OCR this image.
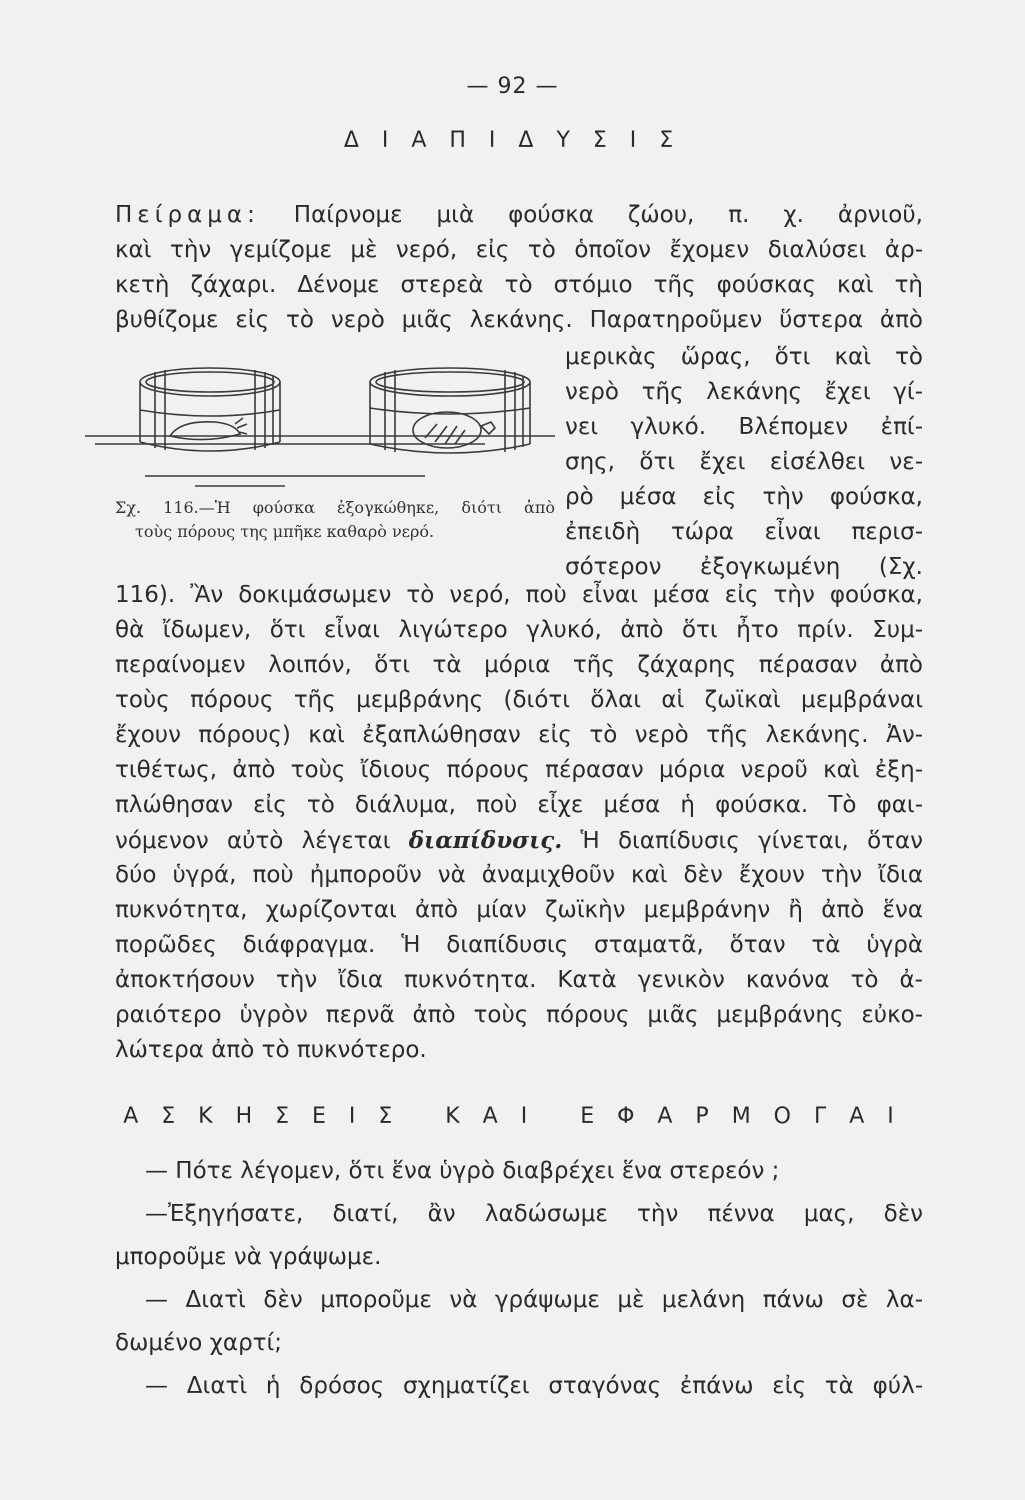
— 92 —
Δ Ι Α Π Ι Δ Υ Σ Ι Σ
Πείραμα: Παίρνομε μιὰ φούσκα ζώου, π. χ. ἀρνιοῦ,
καὶ τὴν γεμίζομε μὲ νερό, εἰς τὸ ὁποῖον ἔχομεν διαλύσει ἀρ-
κετὴ ζάχαρι. Δένομε στερεὰ τὸ στόμιο τῆς φούσκας καὶ τὴ
βυθίζομε εἰς τὸ νερὸ μιᾶς λεκάνης. Παρατηροῦμεν ὕστερα ἀπὸ
μερικὰς ὥρας, ὅτι καὶ τὸ
νερὸ τῆς λεκάνης ἔχει γί-
νει γλυκό. Βλέπομεν ἐπί-
σης, ὅτι ἔχει εἰσέλθει νε-
ρὸ μέσα εἰς τὴν φούσκα,
ἐπειδὴ τώρα εἶναι περισ-
σότερον ἐξογκωμένη (Σχ.
Σχ. 116.—Ἡ φούσκα ἐξογκώθηκε, διότι ἀπὸ
τοὺς πόρους της μπῆκε καθαρὸ νερό.
116). Ἂν δοκιμάσωμεν τὸ νερό, ποὺ εἶναι μέσα εἰς τὴν φούσκα,
θὰ ἴδωμεν, ὅτι εἶναι λιγώτερο γλυκό, ἀπὸ ὅτι ἦτο πρίν. Συμ-
περαίνομεν λοιπόν, ὅτι τὰ μόρια τῆς ζάχαρης πέρασαν ἀπὸ
τοὺς πόρους τῆς μεμβράνης (διότι ὅλαι αἱ ζωϊκαὶ μεμβράναι
ἔχουν πόρους) καὶ ἐξαπλώθησαν εἰς τὸ νερὸ τῆς λεκάνης. Ἀν-
τιθέτως, ἀπὸ τοὺς ἴδιους πόρους πέρασαν μόρια νεροῦ καὶ ἐξη-
πλώθησαν εἰς τὸ διάλυμα, ποὺ εἶχε μέσα ἡ φούσκα. Τὸ φαι-
νόμενον αὐτὸ λέγεται διαπίδυσις. Ἡ διαπίδυσις γίνεται, ὅταν
δύο ὑγρά, ποὺ ἠμποροῦν νὰ ἀναμιχθοῦν καὶ δὲν ἔχουν τὴν ἴδια
πυκνότητα, χωρίζονται ἀπὸ μίαν ζωϊκὴν μεμβράνην ἢ ἀπὸ ἕνα
πορῶδες διάφραγμα. Ἡ διαπίδυσις σταματᾶ, ὅταν τὰ ὑγρὰ
ἀποκτήσουν τὴν ἴδια πυκνότητα. Κατὰ γενικὸν κανόνα τὸ ἀ-
ραιότερο ὑγρὸν περνᾶ ἀπὸ τοὺς πόρους μιᾶς μεμβράνης εὐκο-
λώτερα ἀπὸ τὸ πυκνότερο.
Α Σ Κ Η Σ Ε Ι Σ   Κ Α Ι   Ε Φ Α Ρ Μ Ο Γ Α Ι
— Πότε λέγομεν, ὅτι ἕνα ὑγρὸ διαβρέχει ἕνα στερεόν ;
—Ἐξηγήσατε, διατί, ἂν λαδώσωμε τὴν πέννα μας, δὲν
μποροῦμε νὰ γράψωμε.
— Διατὶ δὲν μποροῦμε νὰ γράψωμε μὲ μελάνη πάνω σὲ λα-
δωμένο χαρτί;
— Διατὶ ἡ δρόσος σχηματίζει σταγόνας ἐπάνω εἰς τὰ φύλ-
